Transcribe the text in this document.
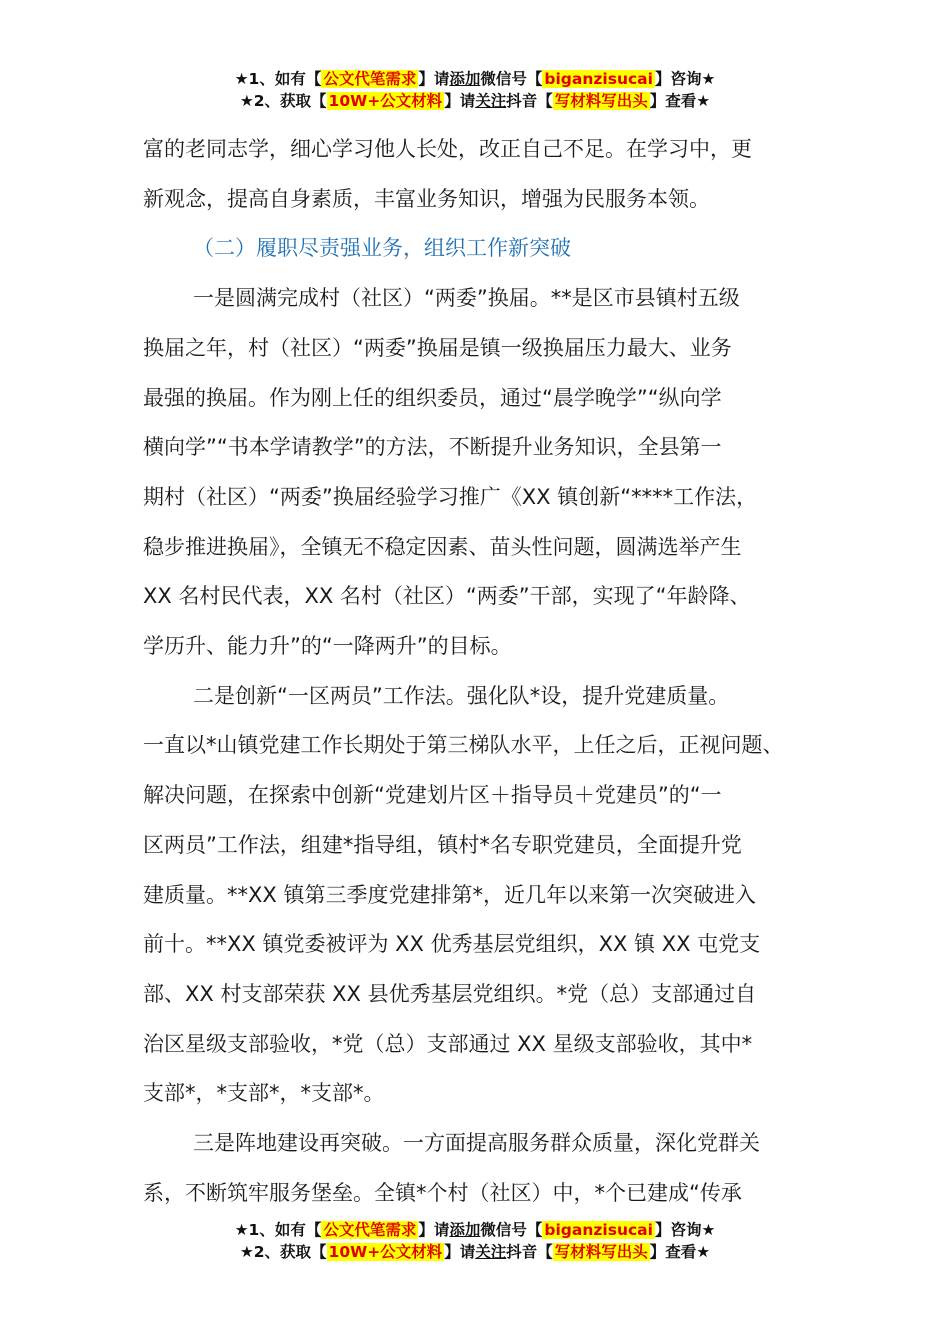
★1、如有【 公文代笔需求 】请添加微信号【 biganzisucai 】咨询★
★2、获取【 10W+公文材料 】请关注抖音【 写材料写出头 】查看★

富的老同志学，细心学习他人长处，改正自己不足。在学习中，更

新观念，提高自身素质，丰富业务知识，增强为民服务本领。

（二）履职尽责强业务，组织工作新突破

一是圆满完成村（社区）“两委”换届。**是区市县镇村五级

换届之年，村（社区）“两委”换届是镇一级换届压力最大、业务

最强的换届。作为刚上任的组织委员，通过“晨学晚学”“纵向学

横向学”“书本学请教学”的方法，不断提升业务知识，全县第一

期村（社区）“两委”换届经验学习推广《XX 镇创新“****工作法，

稳步推进换届》，全镇无不稳定因素、苗头性问题，圆满选举产生

XX 名村民代表，XX 名村（社区）“两委”干部，实现了“年龄降、

学历升、能力升”的“一降两升”的目标。

二是创新“一区两员”工作法。强化队*设，提升党建质量。

一直以*山镇党建工作长期处于第三梯队水平，上任之后，正视问题、

解决问题，在探索中创新“党建划片区＋指导员＋党建员”的“一

区两员”工作法，组建*指导组，镇村*名专职党建员，全面提升党

建质量。**XX 镇第三季度党建排第*，近几年以来第一次突破进入

前十。**XX 镇党委被评为 XX 优秀基层党组织，XX 镇 XX 屯党支

部、XX 村支部荣获 XX 县优秀基层党组织。*党（总）支部通过自

治区星级支部验收，*党（总）支部通过 XX 星级支部验收，其中*

支部*，*支部*，*支部*。

三是阵地建设再突破。一方面提高服务群众质量，深化党群关

系，不断筑牢服务堡垒。全镇*个村（社区）中，*个已建成“传承

★1、如有【 公文代笔需求 】请添加微信号【 biganzisucai 】咨询★
★2、获取【 10W+公文材料 】请关注抖音【 写材料写出头 】查看★
